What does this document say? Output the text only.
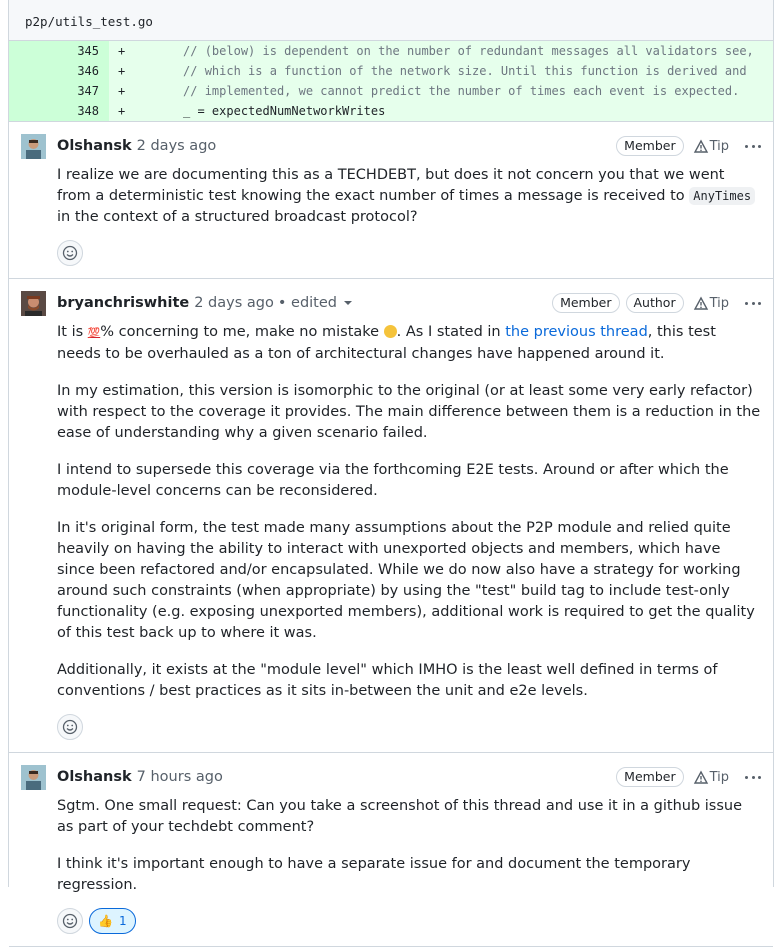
p2p/utils_test.go
345	+        // (below) is dependent on the number of redundant messages all validators see,
346	+        // which is a function of the network size. Until this function is derived and
347	+        // implemented, we cannot predict the number of times each event is expected.
348	+        _ = expectedNumNetworkWrites
Olshansk 2 days ago	Member	Tip

I realize we are documenting this as a TECHDEBT, but does it not concern you that we went from a deterministic test knowing the exact number of times a message is received to AnyTimes in the context of a structured broadcast protocol?

bryanchriswhite 2 days ago • edited	Member	Author	Tip

It is 💯% concerning to me, make no mistake . As I stated in the previous thread, this test needs to be overhauled as a ton of architectural changes have happened around it.

In my estimation, this version is isomorphic to the original (or at least some very early refactor) with respect to the coverage it provides. The main difference between them is a reduction in the ease of understanding why a given scenario failed.

I intend to supersede this coverage via the forthcoming E2E tests. Around or after which the module-level concerns can be reconsidered.

In it's original form, the test made many assumptions about the P2P module and relied quite heavily on having the ability to interact with unexported objects and members, which have since been refactored and/or encapsulated. While we do now also have a strategy for working around such constraints (when appropriate) by using the "test" build tag to include test-only functionality (e.g. exposing unexported members), additional work is required to get the quality of this test back up to where it was.

Additionally, it exists at the "module level" which IMHO is the least well defined in terms of conventions / best practices as it sits in-between the unit and e2e levels.

Olshansk 7 hours ago	Member	Tip

Sgtm. One small request: Can you take a screenshot of this thread and use it in a github issue as part of your techdebt comment?

I think it's important enough to have a separate issue for and document the temporary regression.

👍 1
